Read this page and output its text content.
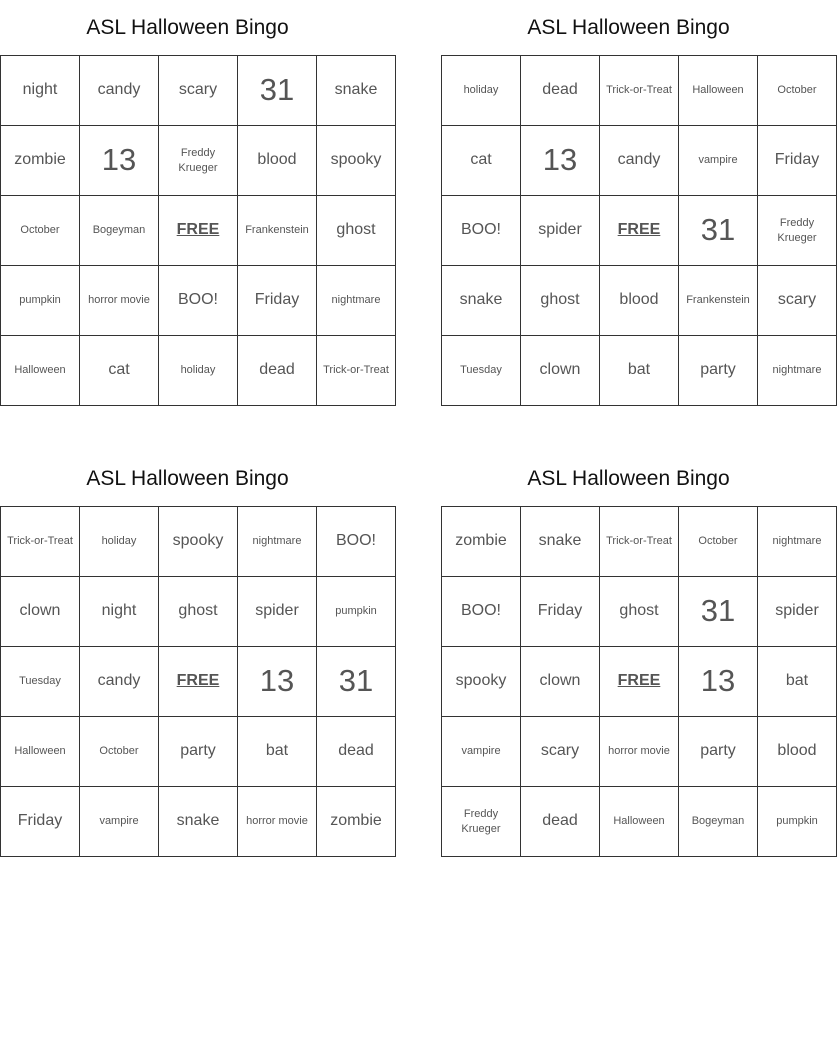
ASL Halloween Bingo
night	candy	scary	31	snake
zombie	13	Freddy Krueger	blood	spooky
October	Bogeyman	FREE	Frankenstein	ghost
pumpkin	horror movie	BOO!	Friday	nightmare
Halloween	cat	holiday	dead	Trick-or-Treat
ASL Halloween Bingo
holiday	dead	Trick-or-Treat	Halloween	October
cat	13	candy	vampire	Friday
BOO!	spider	FREE	31	Freddy Krueger
snake	ghost	blood	Frankenstein	scary
Tuesday	clown	bat	party	nightmare
ASL Halloween Bingo
Trick-or-Treat	holiday	spooky	nightmare	BOO!
clown	night	ghost	spider	pumpkin
Tuesday	candy	FREE	13	31
Halloween	October	party	bat	dead
Friday	vampire	snake	horror movie	zombie
ASL Halloween Bingo
zombie	snake	Trick-or-Treat	October	nightmare
BOO!	Friday	ghost	31	spider
spooky	clown	FREE	13	bat
vampire	scary	horror movie	party	blood
Freddy Krueger	dead	Halloween	Bogeyman	pumpkin
